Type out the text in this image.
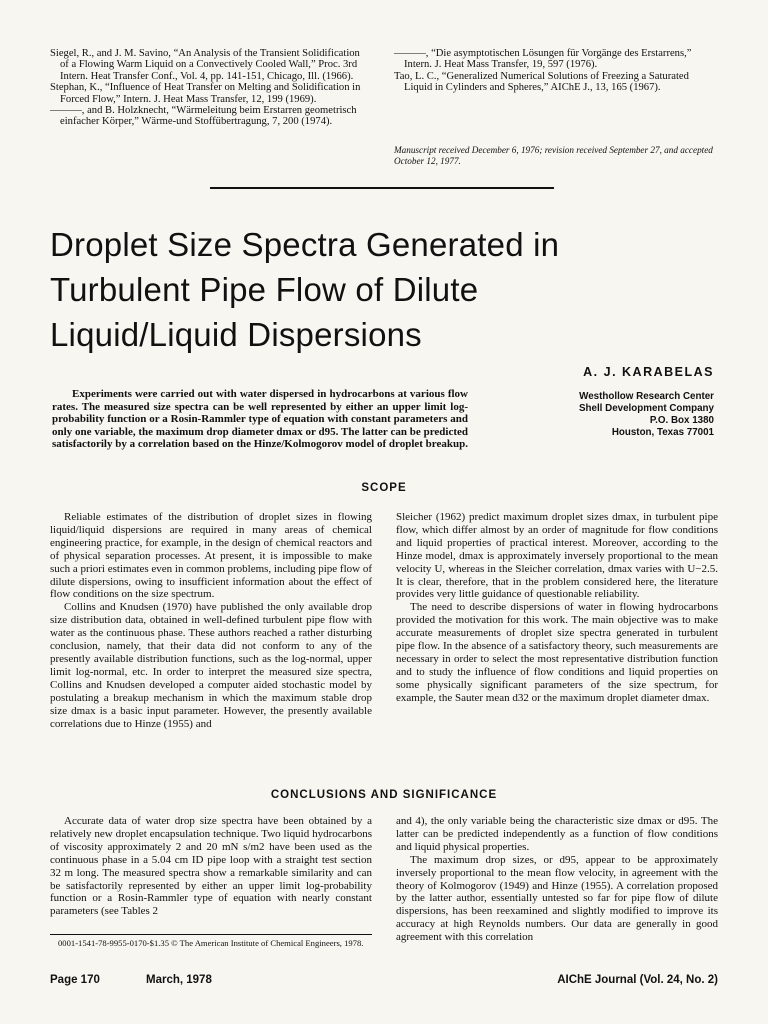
Siegel, R., and J. M. Savino, “An Analysis of the Transient Solidification of a Flowing Warm Liquid on a Convectively Cooled Wall,” Proc. 3rd Intern. Heat Transfer Conf., Vol. 4, pp. 141-151, Chicago, Ill. (1966).

Stephan, K., “Influence of Heat Transfer on Melting and Solidification in Forced Flow,” Intern. J. Heat Mass Transfer, 12, 199 (1969).

———, and B. Holzknecht, “Wärmeleitung beim Erstarren geometrisch einfacher Körper,” Wärme-und Stoffübertragung, 7, 200 (1974).

———, “Die asymptotischen Lösungen für Vorgänge des Erstarrens,” Intern. J. Heat Mass Transfer, 19, 597 (1976).

Tao, L. C., “Generalized Numerical Solutions of Freezing a Saturated Liquid in Cylinders and Spheres,” AIChE J., 13, 165 (1967).

Manuscript received December 6, 1976; revision received September 27, and accepted October 12, 1977.
Droplet Size Spectra Generated in
Turbulent Pipe Flow of Dilute
Liquid/Liquid Dispersions
A. J. KARABELAS
Westhollow Research Center
Shell Development Company
P.O. Box 1380
Houston, Texas 77001

Experiments were carried out with water dispersed in hydrocarbons at various flow rates. The measured size spectra can be well represented by either an upper limit log-probability function or a Rosin-Rammler type of equation with constant parameters and only one variable, the maximum drop diameter dmax or d95. The latter can be predicted satisfactorily by a correlation based on the Hinze/Kolmogorov model of droplet breakup.

SCOPE

Reliable estimates of the distribution of droplet sizes in flowing liquid/liquid dispersions are required in many areas of chemical engineering practice, for example, in the design of chemical reactors and of physical separation processes. At present, it is impossible to make such a priori estimates even in common problems, including pipe flow of dilute dispersions, owing to insufficient information about the effect of flow conditions on the size spectrum.

Collins and Knudsen (1970) have published the only available drop size distribution data, obtained in well-defined turbulent pipe flow with water as the continuous phase. These authors reached a rather disturbing conclusion, namely, that their data did not conform to any of the presently available distribution functions, such as the log-normal, upper limit log-normal, etc. In order to interpret the measured size spectra, Collins and Knudsen developed a computer aided stochastic model by postulating a breakup mechanism in which the maximum stable drop size dmax is a basic input parameter. However, the presently available correlations due to Hinze (1955) and

Sleicher (1962) predict maximum droplet sizes dmax, in turbulent pipe flow, which differ almost by an order of magnitude for flow conditions and liquid properties of practical interest. Moreover, according to the Hinze model, dmax is approximately inversely proportional to the mean velocity U, whereas in the Sleicher correlation, dmax varies with U−2.5. It is clear, therefore, that in the problem considered here, the literature provides very little guidance of questionable reliability.

The need to describe dispersions of water in flowing hydrocarbons provided the motivation for this work. The main objective was to make accurate measurements of droplet size spectra generated in turbulent pipe flow. In the absence of a satisfactory theory, such measurements are necessary in order to select the most representative distribution function and to study the influence of flow conditions and liquid properties on some physically significant parameters of the size spectrum, for example, the Sauter mean d32 or the maximum droplet diameter dmax.

CONCLUSIONS AND SIGNIFICANCE

Accurate data of water drop size spectra have been obtained by a relatively new droplet encapsulation technique. Two liquid hydrocarbons of viscosity approximately 2 and 20 mN s/m2 have been used as the continuous phase in a 5.04 cm ID pipe loop with a straight test section 32 m long. The measured spectra show a remarkable similarity and can be satisfactorily represented by either an upper limit log-probability function or a Rosin-Rammler type of equation with nearly constant parameters (see Tables 2

and 4), the only variable being the characteristic size dmax or d95. The latter can be predicted independently as a function of flow conditions and liquid physical properties.

The maximum drop sizes, or d95, appear to be approximately inversely proportional to the mean flow velocity, in agreement with the theory of Kolmogorov (1949) and Hinze (1955). A correlation proposed by the latter author, essentially untested so far for pipe flow of dilute dispersions, has been reexamined and slightly modified to improve its accuracy at high Reynolds numbers. Our data are generally in good agreement with this correlation

0001-1541-78-9955-0170-$1.35 © The American Institute of Chemical Engineers, 1978.
Page 170	March, 1978	AIChE Journal (Vol. 24, No. 2)
